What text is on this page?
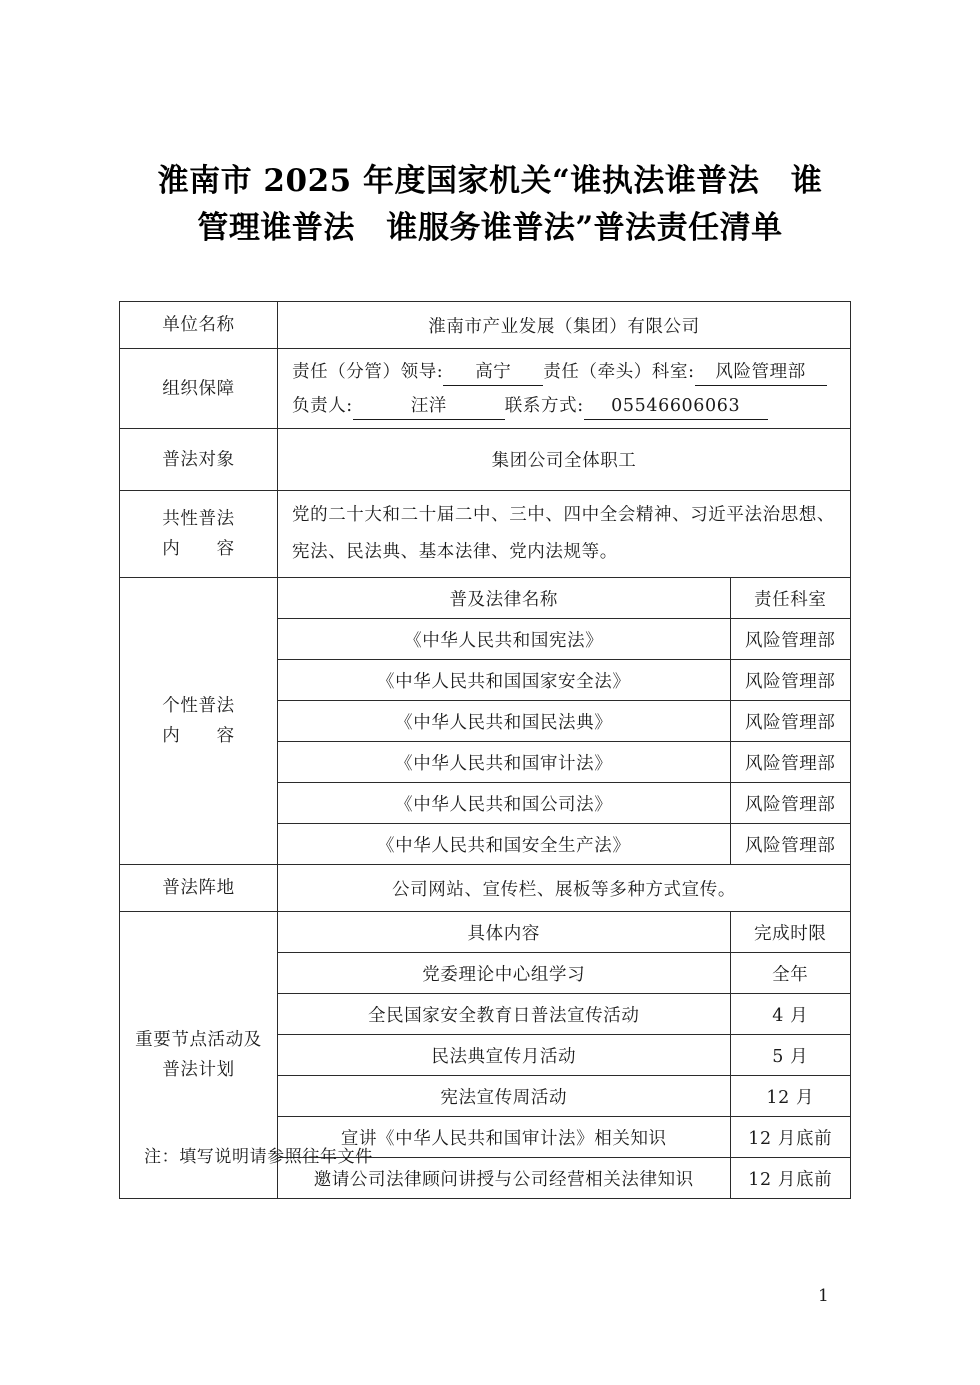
淮南市 2025 年度国家机关“谁执法谁普法　谁
管理谁普法　谁服务谁普法”普法责任清单
单位名称	淮南市产业发展（集团）有限公司
组织保障	
责任（分管）领导: 高宁 责任（牵头）科室: 风险管理部
负责人:	汪洋	联系方式: 05546606063

普法对象	集团公司全体职工

共性普法
内　　容

党的二十大和二十届二中、三中、四中全会精神、习近平法治思想、
宪法、民法典、基本法律、党内法规等。

个性普法
内　　容

普及法律名称	责任科室
《中华人民共和国宪法》	风险管理部
《中华人民共和国国家安全法》	风险管理部
《中华人民共和国民法典》	风险管理部
《中华人民共和国审计法》	风险管理部
《中华人民共和国公司法》	风险管理部
《中华人民共和国安全生产法》	风险管理部

普法阵地	公司网站、宣传栏、展板等多种方式宣传。

重要节点活动及
普法计划

具体内容	完成时限
党委理论中心组学习	全年
全民国家安全教育日普法宣传活动	4 月
民法典宣传月活动	5 月
宪法宣传周活动	12 月
宣讲《中华人民共和国审计法》相关知识	12 月底前
邀请公司法律顾问讲授与公司经营相关法律知识	12 月底前
注：填写说明请参照往年文件
1
